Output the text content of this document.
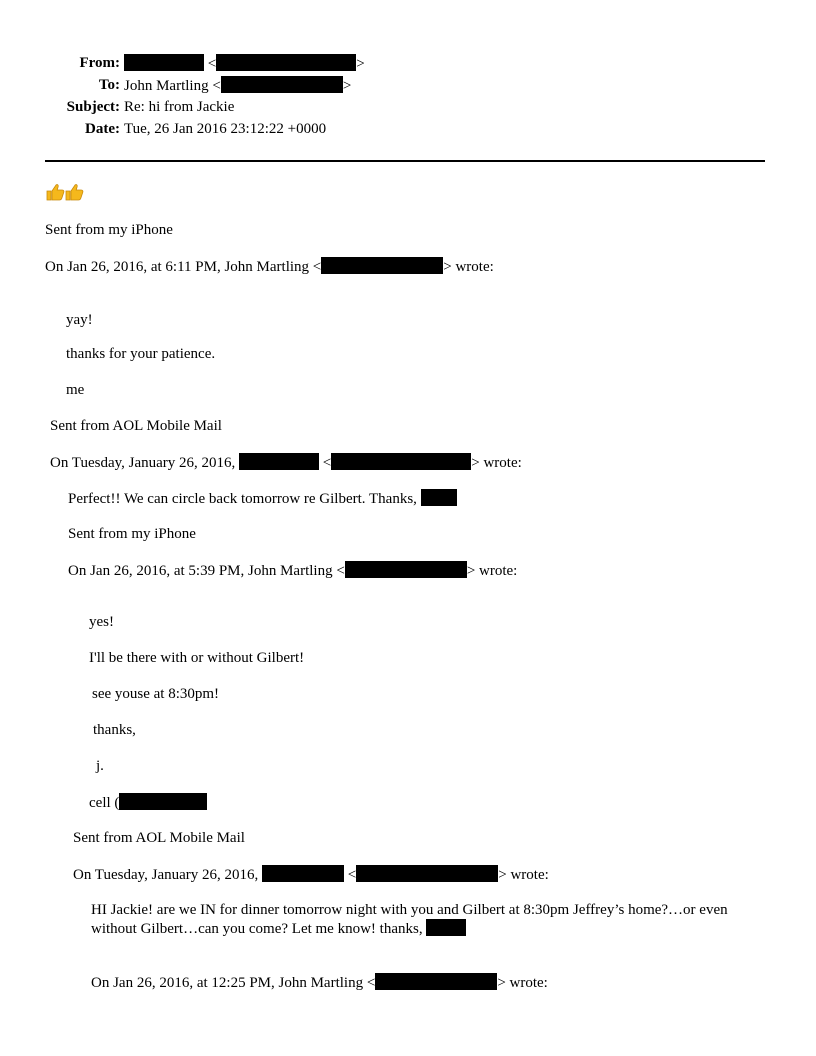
From:	<	>
To: John Martling <	>
Subject: Re: hi from Jackie
Date: Tue, 26 Jan 2016 23:12:22 +0000
Sent from my iPhone
On Jan 26, 2016, at 6:11 PM, John Martling <	> wrote:
yay!
thanks for your patience.
me
Sent from AOL Mobile Mail
On Tuesday, January 26, 2016,	<	> wrote:
Perfect!! We can circle back tomorrow re Gilbert. Thanks,
Sent from my iPhone
On Jan 26, 2016, at 5:39 PM, John Martling <	> wrote:
yes!
I'll be there with or without Gilbert!
see youse at 8:30pm!
thanks,
j.
cell (
Sent from AOL Mobile Mail
On Tuesday, January 26, 2016,	<	> wrote:
HI Jackie! are we IN for dinner tomorrow night with you and Gilbert at 8:30pm Jeffrey’s home?…or even without Gilbert…can you come? Let me know! thanks,
On Jan 26, 2016, at 12:25 PM, John Martling <	> wrote:
